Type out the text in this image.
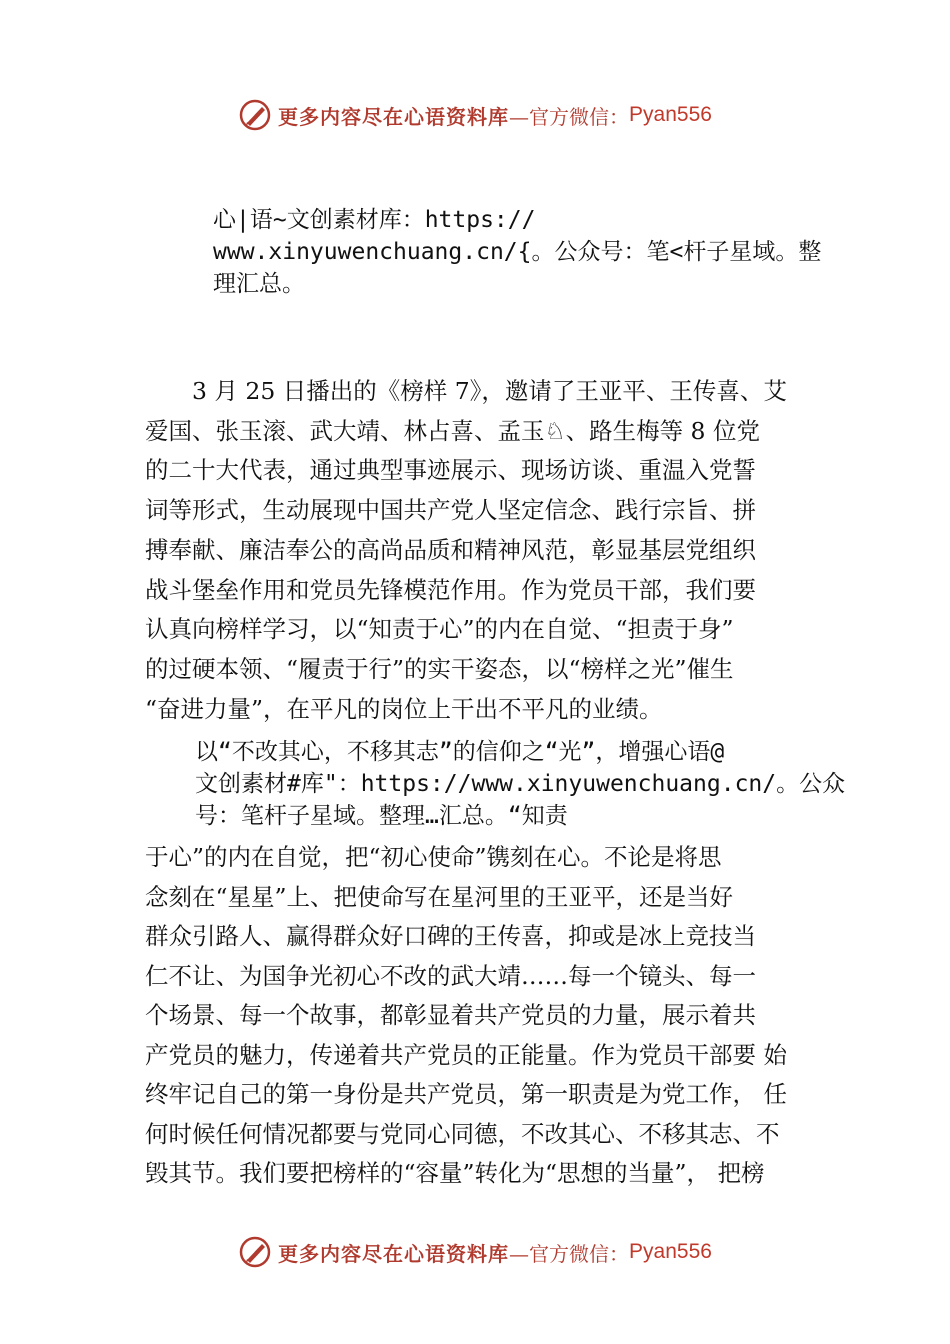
更多内容尽在心语资料库 —官方微信： Pyan556
心|语~文创素材库：https://
www.xinyuwenchuang.cn/{。公众号：笔<杆子星域。整
理汇总。
　　3 月 25 日播出的《榜样 7》，邀请了王亚平、王传喜、艾
爱国、张玉滚、武大靖、林占喜、孟玉♘、路生梅等 8 位党
的二十大代表，通过典型事迹展示、现场访谈、重温入党誓
词等形式，生动展现中国共产党人坚定信念、践行宗旨、拼
搏奉献、廉洁奉公的高尚品质和精神风范，彰显基层党组织
战斗堡垒作用和党员先锋模范作用。作为党员干部，我们要
认真向榜样学习，以“知责于心”的内在自觉、“担责于身”
的过硬本领、“履责于行”的实干姿态，以“榜样之光”催生
“奋进力量”，在平凡的岗位上干出不平凡的业绩。
以“不改其心，不移其志”的信仰之“光”，增强心语@
文创素材#库"：https://www.xinyuwenchuang.cn/。公众
号：笔杆子星域。整理…汇总。“知责
于心”的内在自觉，把“初心使命”镌刻在心。不论是将思
念刻在“星星”上、把使命写在星河里的王亚平，还是当好
群众引路人、赢得群众好口碑的王传喜，抑或是冰上竞技当
仁不让、为国争光初心不改的武大靖……每一个镜头、每一
个场景、每一个故事，都彰显着共产党员的力量，展示着共
产党员的魅力，传递着共产党员的正能量。作为党员干部要 始
终牢记自己的第一身份是共产党员，第一职责是为党工作， 任
何时候任何情况都要与党同心同德，不改其心、不移其志、不
毁其节。我们要把榜样的“容量”转化为“思想的当量”， 把榜
更多内容尽在心语资料库 —官方微信： Pyan556
